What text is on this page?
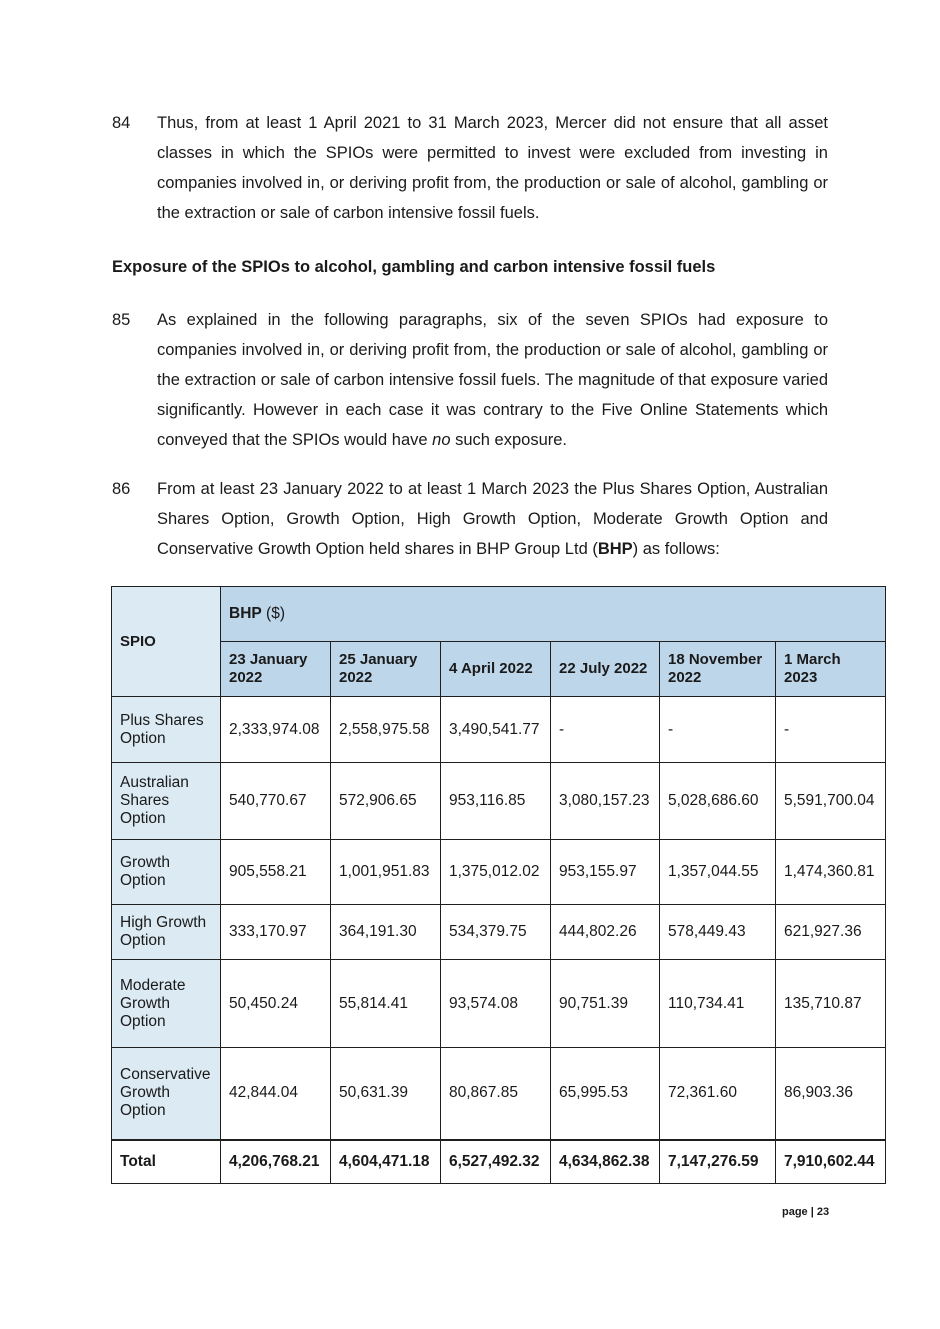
84	Thus, from at least 1 April 2021 to 31 March 2023, Mercer did not ensure that all asset classes in which the SPIOs were permitted to invest were excluded from investing in companies involved in, or deriving profit from, the production or sale of alcohol, gambling or the extraction or sale of carbon intensive fossil fuels.
Exposure of the SPIOs to alcohol, gambling and carbon intensive fossil fuels
85	As explained in the following paragraphs, six of the seven SPIOs had exposure to companies involved in, or deriving profit from, the production or sale of alcohol, gambling or the extraction or sale of carbon intensive fossil fuels. The magnitude of that exposure varied significantly. However in each case it was contrary to the Five Online Statements which conveyed that the SPIOs would have no such exposure.
86	From at least 23 January 2022 to at least 1 March 2023 the Plus Shares Option, Australian Shares Option, Growth Option, High Growth Option, Moderate Growth Option and Conservative Growth Option held shares in BHP Group Ltd (BHP) as follows:
SPIO	BHP ($)					
	23 January 2022	25 January 2022	4 April 2022	22 July 2022	18 November 2022	1 March 2023
Plus Shares Option	2,333,974.08	2,558,975.58	3,490,541.77	-	-	-
Australian Shares Option	540,770.67	572,906.65	953,116.85	3,080,157.23	5,028,686.60	5,591,700.04
Growth Option	905,558.21	1,001,951.83	1,375,012.02	953,155.97	1,357,044.55	1,474,360.81
High Growth Option	333,170.97	364,191.30	534,379.75	444,802.26	578,449.43	621,927.36
Moderate Growth Option	50,450.24	55,814.41	93,574.08	90,751.39	110,734.41	135,710.87
Conservative Growth Option	42,844.04	50,631.39	80,867.85	65,995.53	72,361.60	86,903.36
Total	4,206,768.21	4,604,471.18	6,527,492.32	4,634,862.38	7,147,276.59	7,910,602.44
page | 23
